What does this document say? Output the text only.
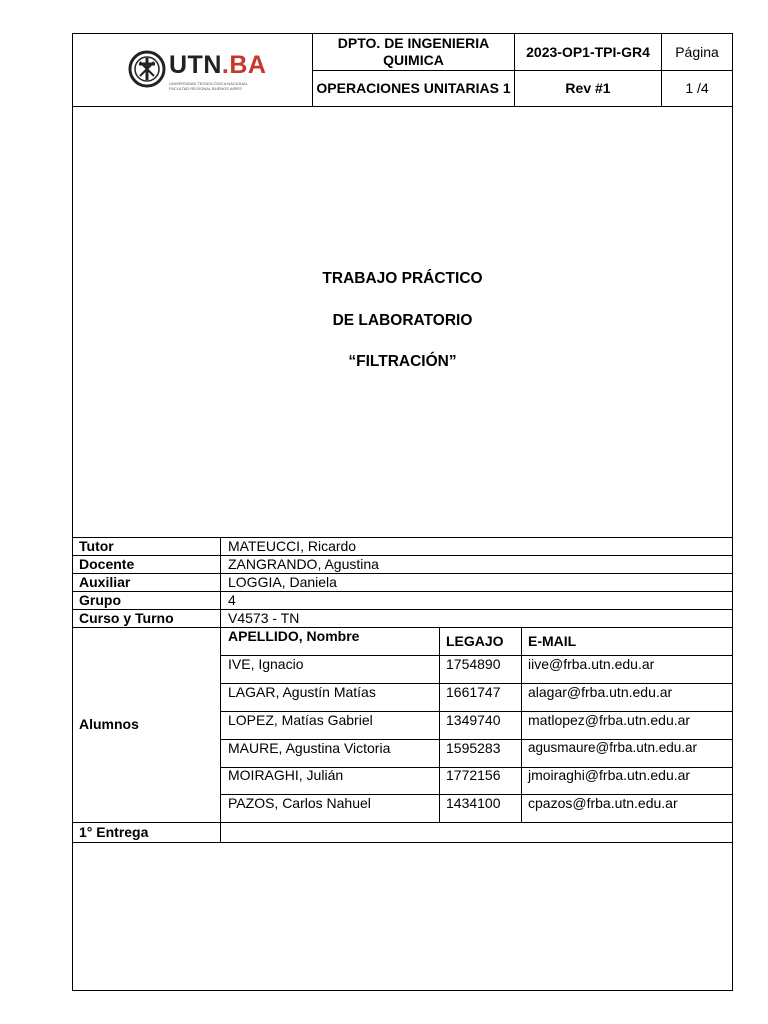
UTN.BA
UNIVERSIDAD TECNOLÓGICA NACIONAL
FACULTAD REGIONAL BUENOS AIRES
DPTO. DE INGENIERIA QUIMICA
OPERACIONES UNITARIAS 1
2023-OP1-TPI-GR4
Rev #1
Página
1 /4
TRABAJO PRÁCTICO
DE LABORATORIO
“FILTRACIÓN”
Tutor	MATEUCCI, Ricardo
Docente	ZANGRANDO, Agustina
Auxiliar	LOGGIA, Daniela
Grupo	4
Curso y Turno	V4573 - TN
Alumnos
APELLIDO, Nombre	LEGAJO E-MAIL
IVE, Ignacio	1754890 iive@frba.utn.edu.ar
LAGAR, Agustín Matías	1661747 alagar@frba.utn.edu.ar
LOPEZ, Matías Gabriel	1349740 matlopez@frba.utn.edu.ar
MAURE, Agustina Victoria	1595283 agusmaure@frba.utn.edu.ar
MOIRAGHI, Julián	1772156 jmoiraghi@frba.utn.edu.ar
PAZOS, Carlos Nahuel	1434100 cpazos@frba.utn.edu.ar
1° Entrega
